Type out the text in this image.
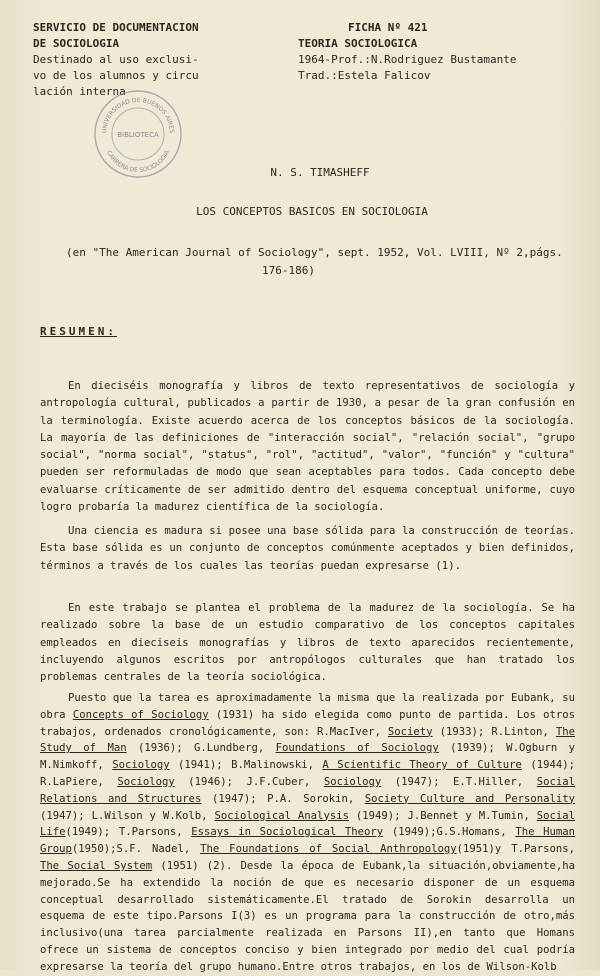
SERVICIO DE DOCUMENTACION
DE SOCIOLOGIA
Destinado al uso exclusi-
vo de los alumnos y circu
lación interna
FICHA Nº 421
TEORIA SOCIOLOGICA
1964-Prof.:N.Rodriguez Bustamante
Trad.:Estela Falicov
UNIVERSIDAD DE BUENOS AIRES
BIBLIOTECA
CARRERA DE SOCIOLOGIA
N. S. TIMASHEFF
LOS CONCEPTOS BASICOS EN SOCIOLOGIA
(en "The American Journal of Sociology", sept. 1952, Vol. LVIII, Nº 2,págs.
176-186)
RESUMEN:
En dieciséis monografía y libros de texto representativos de sociología y antropología cultural, publicados a partir de 1930, a pesar de la gran confusión en la terminología. Existe acuerdo acerca de los conceptos básicos de la sociología. La mayoría de las definiciones de "interacción social", "relación social", "grupo social", "norma social", "status", "rol", "actitud", "valor", "función" y "cultura" pueden ser reformuladas de modo que sean aceptables para todos. Cada concepto debe evaluarse críticamente de ser admitido dentro del esquema conceptual uniforme, cuyo logro probaría la madurez científica de la sociología.
Una ciencia es madura si posee una base sólida para la construcción de teorías. Esta base sólida es un conjunto de conceptos comúnmente aceptados y bien definidos, términos a través de los cuales las teorías puedan expresarse (1).
En este trabajo se plantea el problema de la madurez de la sociología. Se ha realizado sobre la base de un estudio comparativo de los conceptos capitales empleados en dieciseis monografías y libros de texto aparecidos recientemente, incluyendo algunos escritos por antropólogos culturales que han tratado los problemas centrales de la teoría sociológica.
Puesto que la tarea es aproximadamente la misma que la realizada por Eubank, su obra Concepts of Sociology (1931) ha sido elegida como punto de partida. Los otros trabajos, ordenados cronológicamente, son: R.MacIver, Society (1933); R.Linton, The Study of Man (1936); G.Lundberg, Foundations of Sociology (1939); W.Ogburn y M.Nimkoff, Sociology (1941); B.Malinowski, A Scientific Theory of Culture (1944); R.LaPiere, Sociology (1946); J.F.Cuber, Sociology (1947); E.T.Hiller, Social Relations and Structures (1947); P.A. Sorokin, Society Culture and Personality (1947); L.Wilson y W.Kolb, Sociological Analysis (1949); J.Bennet y M.Tumin, Social Life(1949); T.Parsons, Essays in Sociological Theory (1949);G.S.Homans, The Human Group(1950);S.F. Nadel, The Foundations of Social Anthropology(1951)y T.Parsons, The Social System (1951) (2). Desde la época de Eubank,la situación,obviamente,ha mejorado.Se ha extendido la noción de que es necesario disponer de un esquema conceptual desarrollado sistemáticamente.El tratado de Sorokin desarrolla un esquema de este tipo.Parsons I(3) es un programa para la construcción de otro,más inclusivo(una tarea parcialmente realizada en Parsons II),en tanto que Homans ofrece un sistema de conceptos conciso y bien integrado por medio del cual podría expresarse la teoría del grupo humano.Entre otros trabajos, en los de Wilson-Kolb
